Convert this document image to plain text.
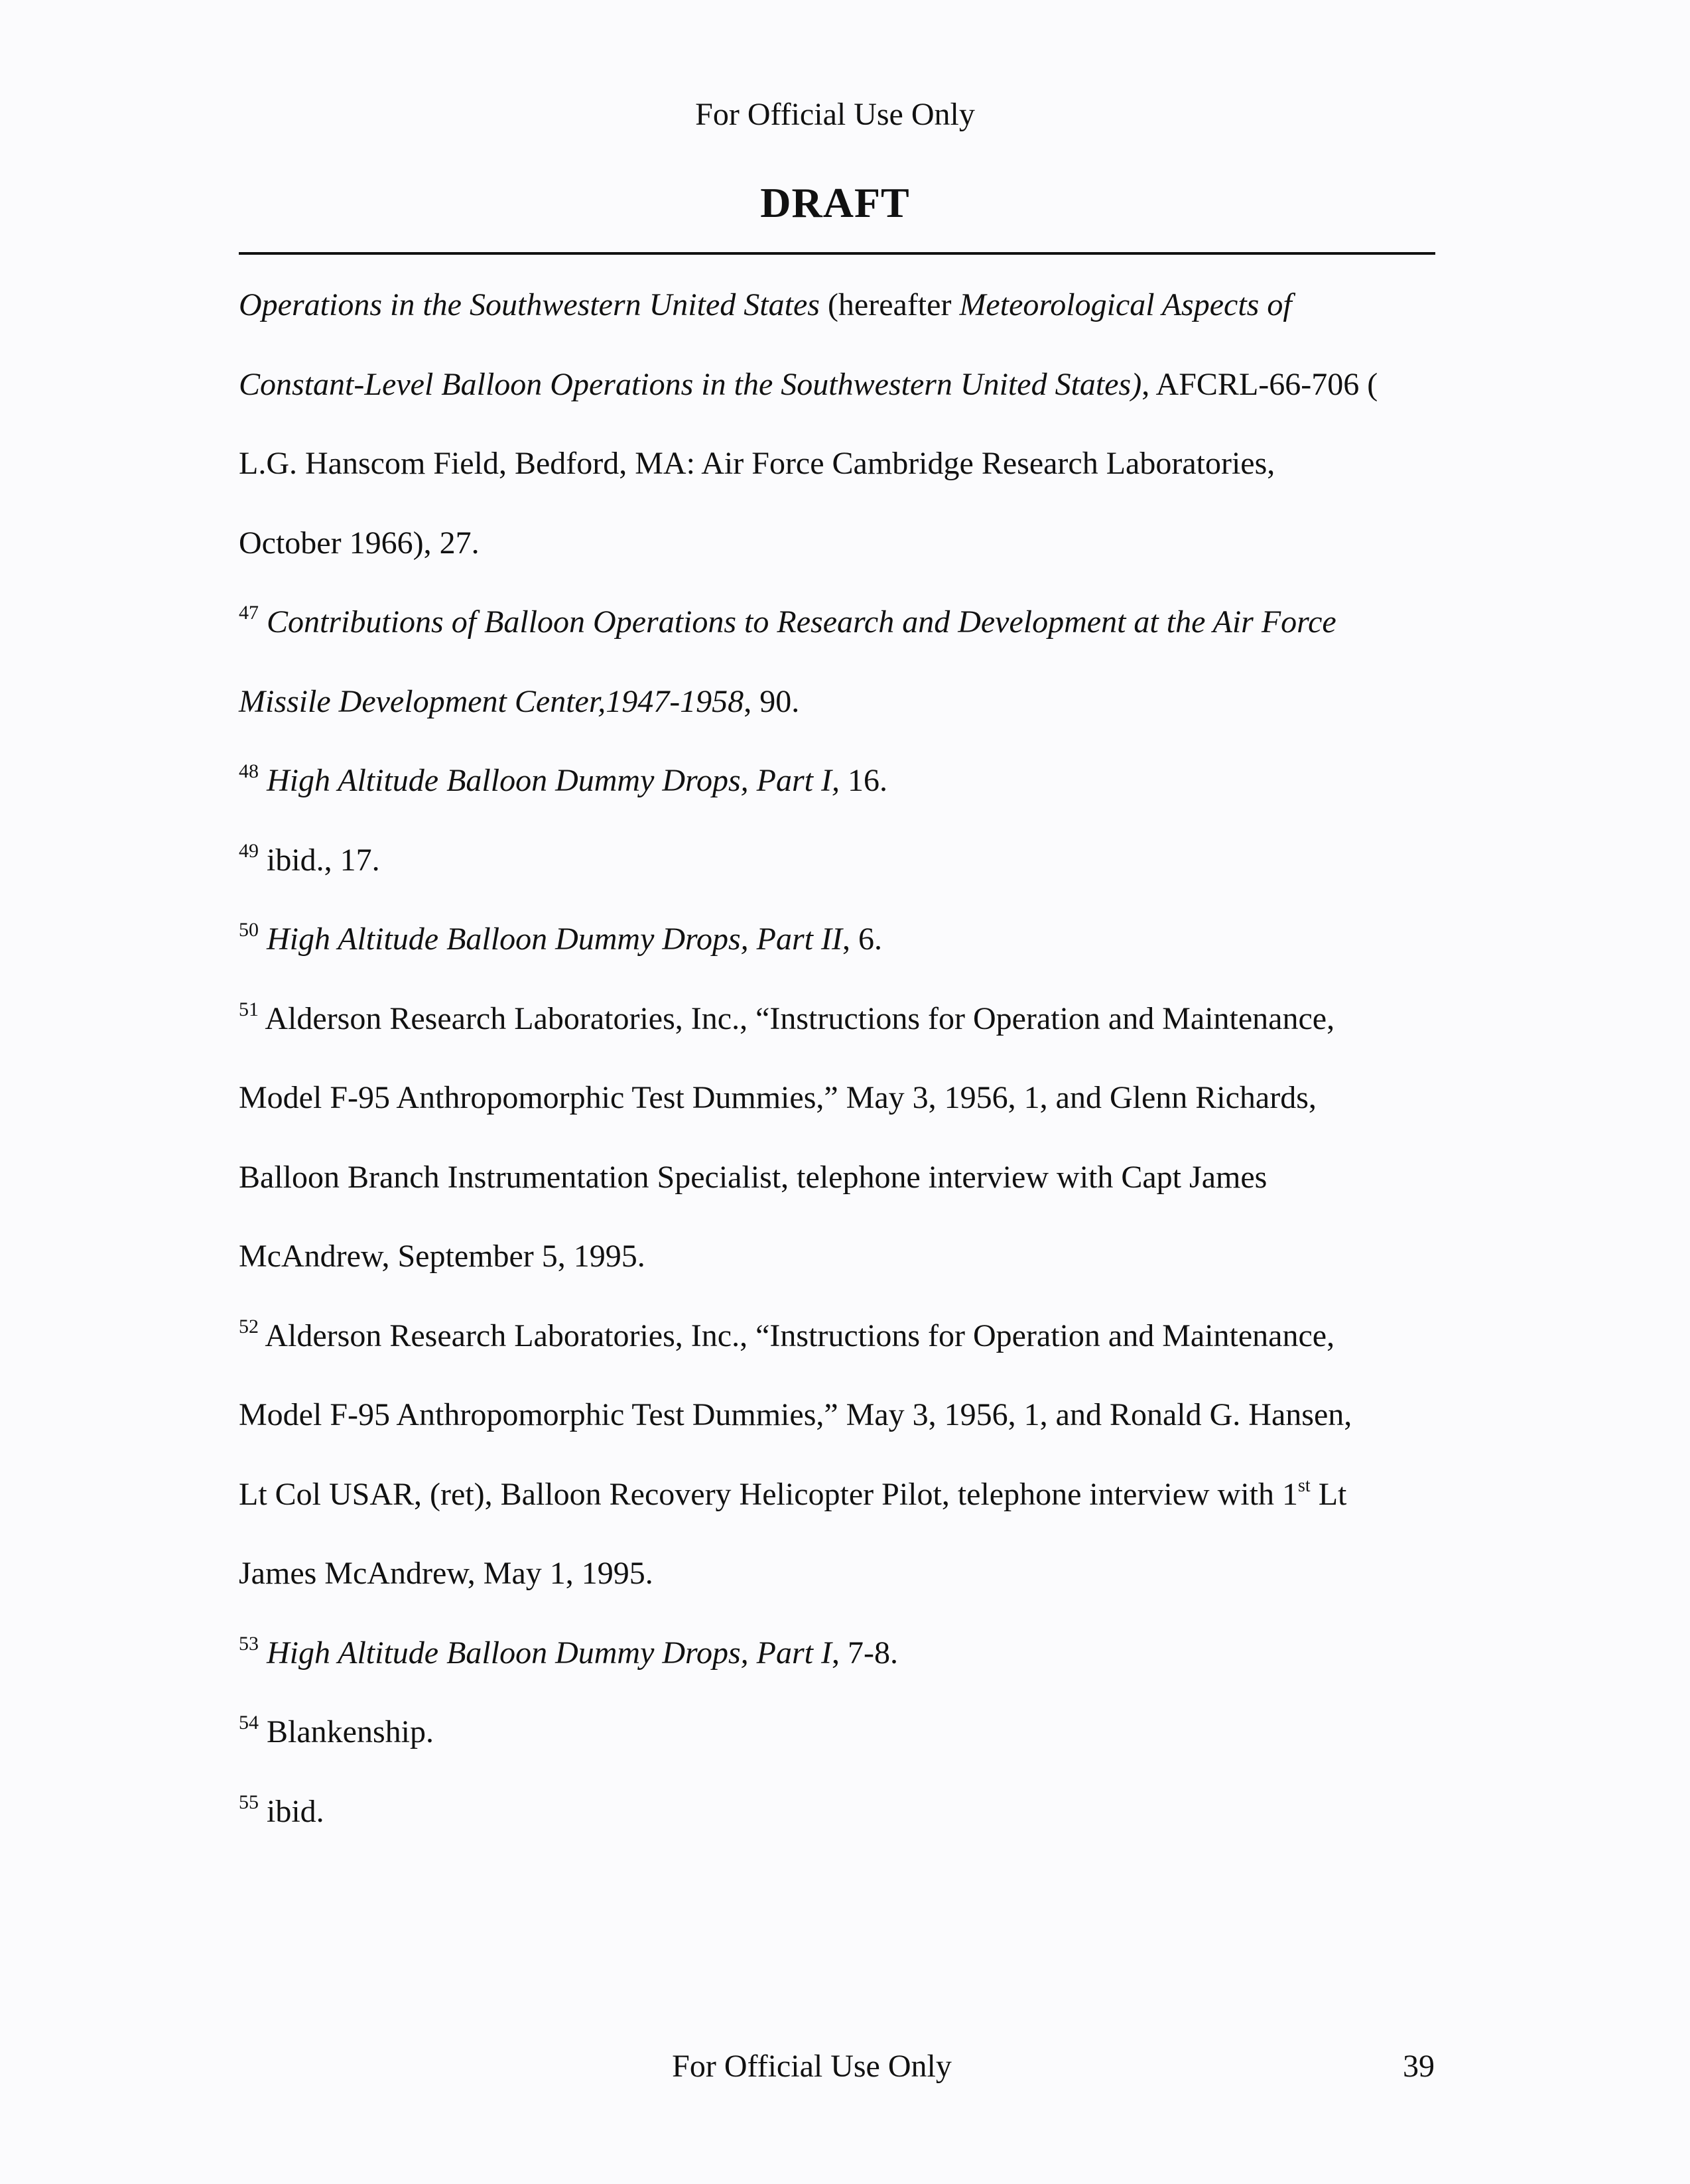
For Official Use Only
DRAFT
Operations in the Southwestern United States (hereafter Meteorological Aspects of
Constant-Level Balloon Operations in the Southwestern United States), AFCRL-66-706 (
L.G. Hanscom Field, Bedford, MA: Air Force Cambridge Research Laboratories,
October 1966), 27.
$^{47}$ Contributions of Balloon Operations to Research and Development at the Air Force
Missile Development Center,1947-1958, 90.
$^{48}$ High Altitude Balloon Dummy Drops, Part I, 16.
$^{49}$ ibid., 17.
$^{50}$ High Altitude Balloon Dummy Drops, Part II, 6.
$^{51}$ Alderson Research Laboratories, Inc., “Instructions for Operation and Maintenance,
Model F-95 Anthropomorphic Test Dummies,” May 3, 1956, 1, and Glenn Richards,
Balloon Branch Instrumentation Specialist, telephone interview with Capt James
McAndrew, September 5, 1995.
$^{52}$ Alderson Research Laboratories, Inc., “Instructions for Operation and Maintenance,
Model F-95 Anthropomorphic Test Dummies,” May 3, 1956, 1, and Ronald G. Hansen,
Lt Col USAR, (ret), Balloon Recovery Helicopter Pilot, telephone interview with 1st Lt
James McAndrew, May 1, 1995.
$^{53}$ High Altitude Balloon Dummy Drops, Part I, 7-8.
$^{54}$ Blankenship.
$^{55}$ ibid.
For Official Use Only	39
